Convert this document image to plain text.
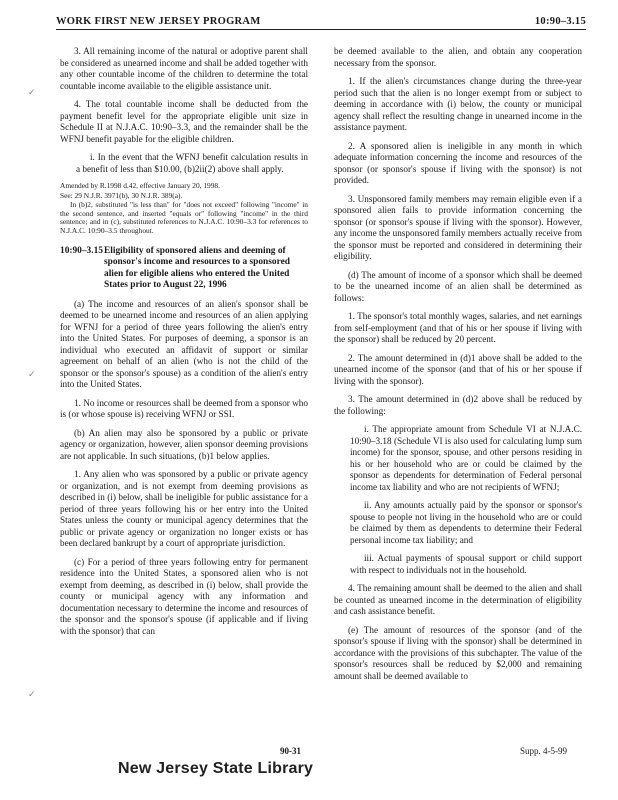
WORK FIRST NEW JERSEY PROGRAM	10:90–3.15
✓
✓
✓

3. All remaining income of the natural or adoptive parent shall be considered as unearned income and shall be added together with any other countable income of the children to determine the total countable income available to the eligible assistance unit.

4. The total countable income shall be deducted from the payment benefit level for the appropriate eligible unit size in Schedule II at N.J.A.C. 10:90–3.3, and the remainder shall be the WFNJ benefit payable for the eligible children.

i. In the event that the WFNJ benefit calculation results in a benefit of less than $10.00, (b)2ii(2) above shall apply.

Amended by R.1998 d.42, effective January 20, 1998.

See: 29 N.J.R. 3971(b), 30 N.J.R. 389(a).

In (b)2, substituted "is less than" for "does not exceed" following "income" in the second sentence, and inserted "equals or" following "income" in the third sentence; and in (c), substituted references to N.J.A.C. 10:90–3.3 for references to N.J.A.C. 10:90–3.5 throughout.

10:90–3.15 Eligibility of sponsored aliens and deeming of sponsor's income and resources to a sponsored alien for eligible aliens who entered the United States prior to August 22, 1996

(a) The income and resources of an alien's sponsor shall be deemed to be unearned income and resources of an alien applying for WFNJ for a period of three years following the alien's entry into the United States. For purposes of deeming, a sponsor is an individual who executed an affidavit of support or similar agreement on behalf of an alien (who is not the child of the sponsor or the sponsor's spouse) as a condition of the alien's entry into the United States.

1. No income or resources shall be deemed from a sponsor who is (or whose spouse is) receiving WFNJ or SSI.

(b) An alien may also be sponsored by a public or private agency or organization, however, alien sponsor deeming provisions are not applicable. In such situations, (b)1 below applies.

1. Any alien who was sponsored by a public or private agency or organization, and is not exempt from deeming provisions as described in (i) below, shall be ineligible for public assistance for a period of three years following his or her entry into the United States unless the county or municipal agency determines that the public or private agency or organization no longer exists or has been declared bankrupt by a court of appropriate jurisdiction.

(c) For a period of three years following entry for permanent residence into the United States, a sponsored alien who is not exempt from deeming, as described in (i) below, shall provide the county or municipal agency with any information and documentation necessary to determine the income and resources of the sponsor and the sponsor's spouse (if applicable and if living with the sponsor) that can

be deemed available to the alien, and obtain any cooperation necessary from the sponsor.

1. If the alien's circumstances change during the three-year period such that the alien is no longer exempt from or subject to deeming in accordance with (i) below, the county or municipal agency shall reflect the resulting change in unearned income in the assistance payment.

2. A sponsored alien is ineligible in any month in which adequate information concerning the income and resources of the sponsor (or sponsor's spouse if living with the sponsor) is not provided.

3. Unsponsored family members may remain eligible even if a sponsored alien fails to provide information concerning the sponsor (or sponsor's spouse if living with the sponsor). However, any income the unsponsored family members actually receive from the sponsor must be reported and considered in determining their eligibility.

(d) The amount of income of a sponsor which shall be deemed to be the unearned income of an alien shall be determined as follows:

1. The sponsor's total monthly wages, salaries, and net earnings from self-employment (and that of his or her spouse if living with the sponsor) shall be reduced by 20 percent.

2. The amount determined in (d)1 above shall be added to the unearned income of the sponsor (and that of his or her spouse if living with the sponsor).

3. The amount determined in (d)2 above shall be reduced by the following:

i. The appropriate amount from Schedule VI at N.J.A.C. 10:90–3.18 (Schedule VI is also used for calculating lump sum income) for the sponsor, spouse, and other persons residing in his or her household who are or could be claimed by the sponsor as dependents for determination of Federal personal income tax liability and who are not recipients of WFNJ;

ii. Any amounts actually paid by the sponsor or sponsor's spouse to people not living in the household who are or could be claimed by them as dependents to determine their Federal personal income tax liability; and

iii. Actual payments of spousal support or child support with respect to individuals not in the household.

4. The remaining amount shall be deemed to the alien and shall be counted as unearned income in the determination of eligibility and cash assistance benefit.

(e) The amount of resources of the sponsor (and of the sponsor's spouse if living with the sponsor) shall be determined in accordance with the provisions of this subchapter. The value of the sponsor's resources shall be reduced by $2,000 and remaining amount shall be deemed available to

90-31	Supp. 4-5-99
New Jersey State Library
